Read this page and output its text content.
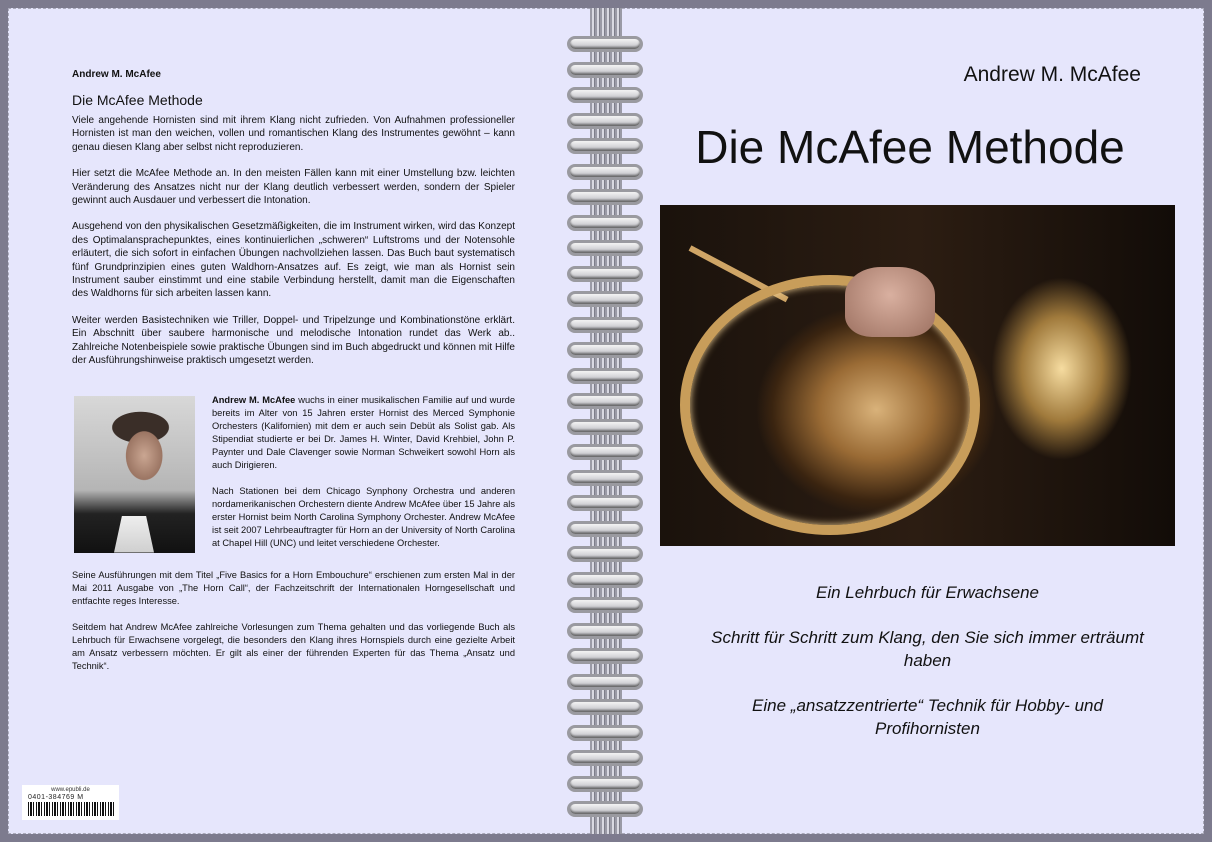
Andrew M. McAfee
Die McAfee Methode

Viele angehende Hornisten sind mit ihrem Klang nicht zufrieden. Von Aufnahmen professioneller Hornisten ist man den weichen, vollen und romantischen Klang des Instrumentes gewöhnt – kann genau diesen Klang aber selbst nicht reproduzieren.

Hier setzt die McAfee Methode an. In den meisten Fällen kann mit einer Umstellung bzw. leichten Veränderung des Ansatzes nicht nur der Klang deutlich verbessert werden, sondern der Spieler gewinnt auch Ausdauer und verbessert die Intonation.

Ausgehend von den physikalischen Gesetzmäßigkeiten, die im Instrument wirken, wird das Konzept des Optimalansprachepunktes, eines kontinuierlichen „schweren“ Luftstroms und der Notensohle erläutert, die sich sofort in einfachen Übungen nachvollziehen lassen. Das Buch baut systematisch fünf Grundprinzipien eines guten Waldhorn-Ansatzes auf. Es zeigt, wie man als Hornist sein Instrument sauber einstimmt und eine stabile Verbindung herstellt, damit man die Eigenschaften des Waldhorns für sich arbeiten lassen kann.

Weiter werden Basistechniken wie Triller, Doppel- und Tripelzunge und Kombinationstöne erklärt. Ein Abschnitt über saubere harmonische und melodische Intonation rundet das Werk ab.. Zahlreiche Notenbeispiele sowie praktische Übungen sind im Buch abgedruckt und können mit Hilfe der Ausführungshinweise praktisch umgesetzt werden.

Andrew M. McAfee wuchs in einer musikalischen Familie auf und wurde bereits im Alter von 15 Jahren erster Hornist des Merced Symphonie Orchesters (Kalifornien) mit dem er auch sein Debüt als Solist gab. Als Stipendiat studierte er bei Dr. James H. Winter, David Krehbiel, John P. Paynter und Dale Clavenger sowie Norman Schweikert sowohl Horn als auch Dirigieren.

Nach Stationen bei dem Chicago Synphony Orchestra und anderen nordamerikanischen Orchestern diente Andrew McAfee über 15 Jahre als erster Hornist beim North Carolina Symphony Orchester. Andrew McAfee ist seit 2007 Lehrbeauftragter für Horn an der University of North Carolina at Chapel Hill (UNC) und leitet verschiedene Orchester.

Seine Ausführungen mit dem Titel „Five Basics for a Horn Embouchure“ erschienen zum ersten Mal in der Mai 2011 Ausgabe von „The Horn Call“, der Fachzeitschrift der Internationalen Horngesellschaft und entfachte reges Interesse.

Seitdem hat Andrew McAfee zahlreiche Vorlesungen zum Thema gehalten und das vorliegende Buch als Lehrbuch für Erwachsene vorgelegt, die besonders den Klang ihres Hornspiels durch eine gezielte Arbeit am Ansatz verbessern möchten. Er gilt als einer der führenden Experten für das Thema „Ansatz und Technik“.

www.epubli.de
0401-384769 M
Andrew M. McAfee
Die McAfee Methode

Ein Lehrbuch für Erwachsene

Schritt für Schritt zum Klang, den Sie sich immer erträumt haben

Eine „ansatzzentrierte“ Technik für Hobby- und Profihornisten
